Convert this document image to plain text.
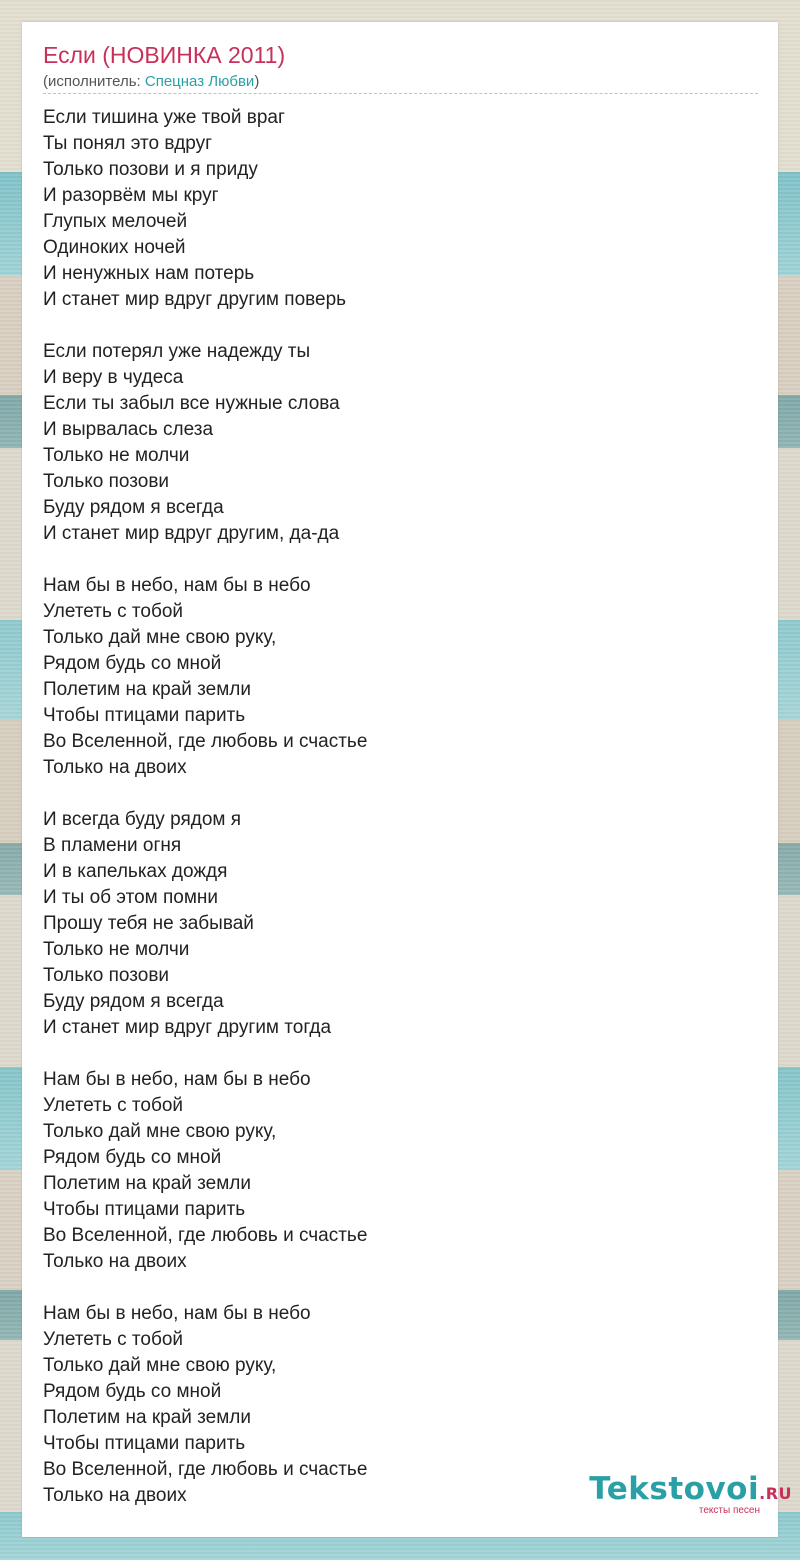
Если (НОВИНКА 2011)
(исполнитель: Спецназ Любви)
Если тишина уже твой враг
Ты понял это вдруг
Только позови и я приду
И разорвём мы круг
Глупых мелочей
Одиноких ночей
И ненужных нам потерь
И станет мир вдруг другим поверь
Если потерял уже надежду ты
И веру в чудеса
Если ты забыл все нужные слова
И вырвалась слеза
Только не молчи
Только позови
Буду рядом я всегда
И станет мир вдруг другим, да-да
Нам бы в небо, нам бы в небо
Улететь с тобой
Только дай мне свою руку,
Рядом будь со мной
Полетим на край земли
Чтобы птицами парить
Во Вселенной, где любовь и счастье
Только на двоих
И всегда буду рядом я
В пламени огня
И в капельках дождя
И ты об этом помни
Прошу тебя не забывай
Только не молчи
Только позови
Буду рядом я всегда
И станет мир вдруг другим тогда
Нам бы в небо, нам бы в небо
Улететь с тобой
Только дай мне свою руку,
Рядом будь со мной
Полетим на край земли
Чтобы птицами парить
Во Вселенной, где любовь и счастье
Только на двоих
Нам бы в небо, нам бы в небо
Улететь с тобой
Только дай мне свою руку,
Рядом будь со мной
Полетим на край земли
Чтобы птицами парить
Во Вселенной, где любовь и счастье
Только на двоих	Tekstovoi.RU
тексты песен
